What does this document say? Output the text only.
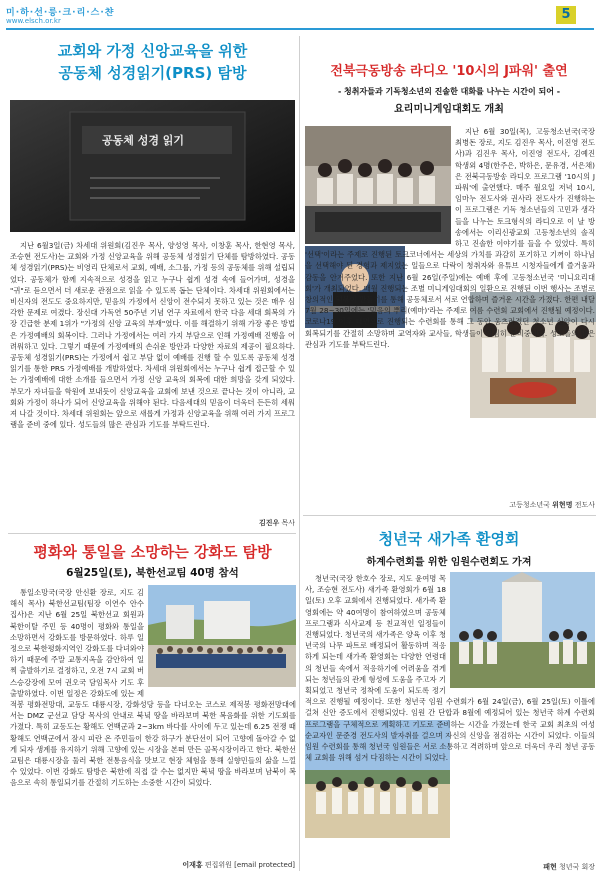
미·하·선·릉·크·리·스·챤
www.elsch.or.kr	5
교회와 가정 신앙교육을 위한
공동체 성경읽기(PRS) 탐방
공동체 성경 읽기

지난 6월3일(금) 차세대 위원회(김진우 목사, 양성영 목사, 이창훈 목사, 한현영 목사, 조승현 전도사)는 교회와 가정 신앙교육을 위해 공동체 성경읽기 단체를 탐방하였다. 공동체 성경읽기(PRS)는 비영리 단체로서 교회, 예배, 소그룹, 가정 등의 공동체를 위해 설립되었다. 공동체가 함께 지속적으로 성경을 읽고 누구나 쉽게 성경 속에 들어가며, 성경을 "귀"로 듣으면서 더 새로운 관점으로 읽을 수 있도록 돕는 단체이다. 차세대 위원회에서는 비신자의 전도도 중요하지만, 믿음의 가정에서 신앙이 전수되지 못하고 있는 것은 매우 심각한 문제로 여겼다. 장신대 가독연 50주년 기념 연구 자료에서 한국 다음 세대 회복의 가장 긴급한 분제 1위가 "가정의 신앙 교육의 부재"였다. 이를 해결하기 위해 가장 좋은 방법은 가정예배의 회복이다. 그러나 가정에서는 여러 가지 부담으로 인해 가정예배 진행을 어려워하고 있다. 그렇기 때문에 가정예배의 손쉬운 방안과 다양한 자료의 제공이 필요하다. 공동체 성경읽기(PRS)는 가정에서 쉽고 부담 없이 예배를 진행 할 수 있도록 공동체 성경읽기를 통한 PRS 가정예배를 개발하였다. 차세대 위원회에서는 누구나 쉽게 접근할 수 있는 가정예배에 대한 소개를 들으면서 가정 신앙 교육의 회복에 대한 희망을 갖게 되었다. 부모가 자녀들을 학원에 보내듯이 신앙교육을 교회에 보낸 것으로 끝나는 것이 아니라, 교회와 가정이 하나가 되어 신앙교육을 위해야 된다. 다음세대의 믿음이 더욱더 든든히 세워져 나갈 것이다. 차세대 위원회는 앞으로 새롭게 가정과 신앙교육을 위해 여러 가지 프로그램을 준비 중에 있다. 성도들의 많은 관심과 기도를 부탁드린다.

김진우 목사
평화와 통일을 소망하는 강화도 탐방
6월25일(토), 북한선교팀 40명 참석

통일소망국(국장 안신환 장로, 지도 김해식 목사) 북한선교팀(팀장 이연수 안수집사)은 지난 6월 25일 북한선교 회원과 북한이탈 주민 등 40명이 평화와 통일을 소망하면서 강화도를 방문하였다. 하루 일정으로 북한평화지역인 강화도를 다녀와야 하기 때문에 주말 교통지옥을 감안하여 일찍 출발하기로 결정하고, 오전 7시 교회 버스승강장에 모여 권오국 담임목사 기도 후 출발하였다. 이번 일정은 강화도에 있는 제적봉 평화전망대, 교동도 대룡시장, 강화성당 등을 다녀오는 코스로 제적봉 평화전망대에서는 DMZ 군선교 담당 목사의 안내로 북녘 땅을 바라보며 북한 복음화를 위한 기도회를 가졌다. 특히 교동도는 황해도 연백군과 2~3km 바다를 사이에 두고 있는데 6.25 전쟁 때 황해도 연백군에서 잠시 피란 온 주민들이 한강 하구가 분단선이 되어 고향에 돌아갈 수 없게 되자 생계를 유지하기 위해 고향에 있는 시장을 본떠 만든 골목시장이라고 한다. 북한선교팀은 대룡시장을 둘러 북한 전통음식을 맛보고 현장 체험을 통해 실향민들의 삶을 느낄 수 있었다. 이번 강화도 탐방은 북한에 직접 갈 수는 없지만 북녘 땅을 바라보며 남북이 복음으로 속히 통일되기를 간절히 기도하는 소중한 시간이 되었다.

이재홍 편집위원 [email protected]
전북극동방송 라디오 '10시의 J파워' 출연
- 청취자들과 기독청소년의 진솔한 대화를 나누는 시간이 되어 -
요리미니게임대회도 개최

지난 6월 30일(목), 고등청소년국(국장 최병돈 장로, 지도 김진우 목사, 이진영 전도사)과 김진우 목사, 이진영 전도사, 김예진 학생외 4명(한주은, 박하은, 문유경, 서은채)은 전북극동방송 라디오 프로그램 '10시의 J파워'에 출연했다. 매주 월요일 저녁 10시, 임마누 전도사와 권사라 전도사가 진행하는 이 프로그램은 기독 청소년들의 고민과 생각들을 나누는 토크형식의 라디오로 이 날 방송에서는 이리신광교회 고등청소년의 솔직하고 진솔한 이야기를 들을 수 있었다. 특히 '선택'이라는 주제로 진행된 토크코너에서는 세상의 가치를 과감히 포기하고 기꺼이 하나님을 선택해야 된 경험과 제지었는 일들으로 다락이 청취자와 유튜브 시청자들에게 즐거움과 감동을 안겨주었다. 또한 지난 6월 26일(주일)에는 예배 후에 고등청소년국 '미니요리대회'가 개최되었다. 매월 진행되는 조별 미니게임대회의 일환으로 진행된 이번 행사는 조별로 창의적인 떡볶이 만들기를 통해 공동체로서 서로 연합하며 즐거운 시간을 가졌다. 한편 내달 7월 28~30일에는 '믿음의 뿌리(예마)'라는 주제로 여름 수련회 교회에서 진행될 예정이다. 코로나19 이후 대면으로 진행되는 수련회를 통해 그 동안 움츠러졌던 청소년 신앙이 다시 회복되기를 간절히 소망하며 교역자와 교사들, 학생들이 열심히 준비중이다. 성도들의 많은 관심과 기도를 부탁드린다.

고등청소년국 위현명 전도사
청년국 새가족 환영회
하계수련회를 위한 임원수련회도 가져

청년국(국장 한호수 장로, 지도 윤여명 목사, 조승현 전도사) 새가족 환영회가 6월 18일(토) 오후 교회에서 진행되었다. 새가족 환영회에는 약 40여명이 참여하였으며 공동체 프로그램과 식사교제 등 친교적인 일정들이 진행되었다. 청년국의 새가족은 양육 이후 청년국의 나무 파트로 배정되어 활동하며 적응하게 되는데 새가족 환영회는 다양한 연령대의 청년들 속에서 적응하기에 어려움을 겪게 되는 청년들의 관계 형성에 도움을 주고자 기획되었고 청년국 정착에 도움이 되도록 정기적으로 진행될 예정이다. 또한 청년국 임원 수련회가 6월 24일(금), 6월 25일(토) 이틀에 걸쳐 신안 증도에서 진행되었다. 임원 간 단합과 8월에 예정되어 있는 청년국 하계 수련회 프로그램을 구체적으로 계획하고 기도로 준비하는 시간을 가졌는데 한국 교회 최초의 여성 순교자인 문준경 전도사의 발자취를 걸으며 자신의 신앙을 점검하는 시간이 되었다. 이들의 임원 수련회를 통해 청년국 임원들은 서로 소통하고 격려하며 앞으로 더욱더 우리 청년 공동체 교회를 위해 섬겨 다짐하는 시간이 되었다.

패현 청년국 회장
